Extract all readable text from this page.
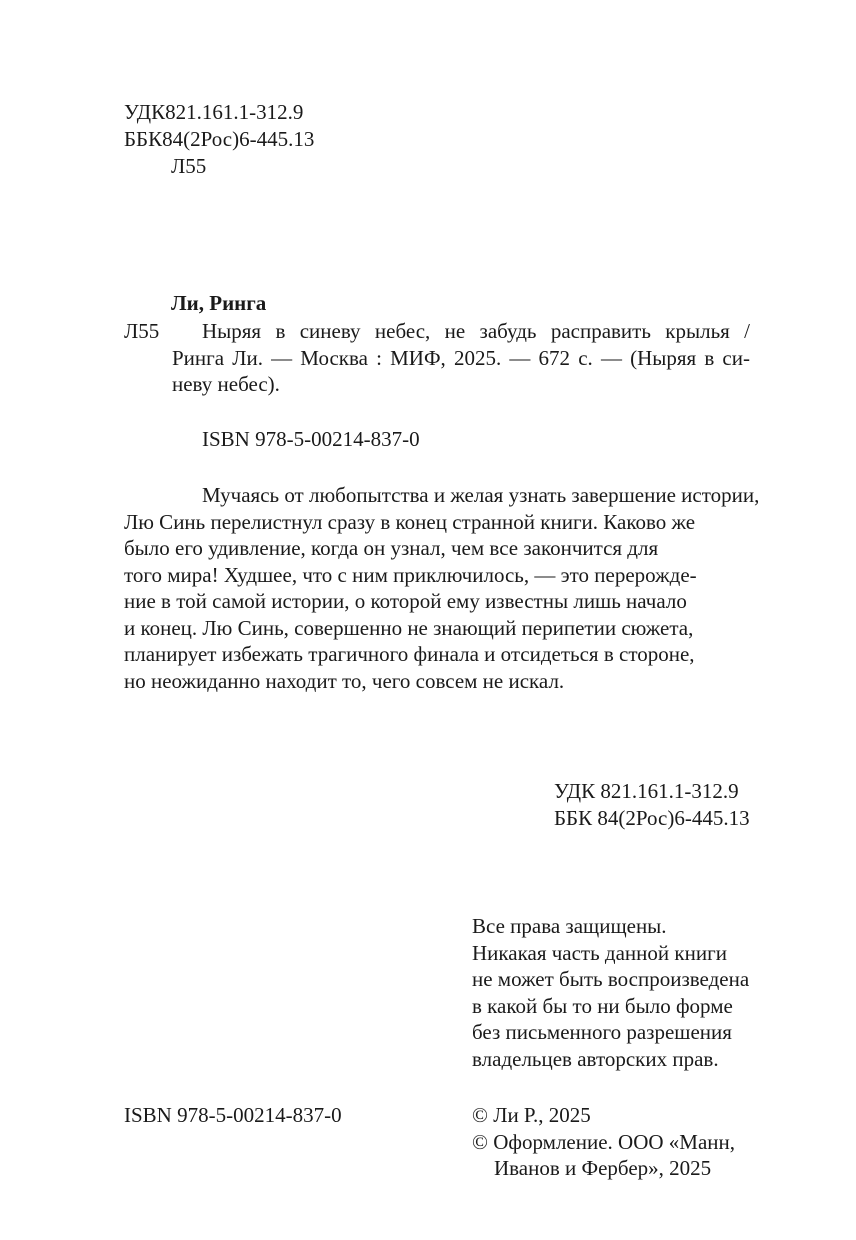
УДК821.161.1-312.9
ББК84(2Рос)6-445.13
Л55
Ли, Ринга
Л55 Ныряя в синеву небес, не забудь расправить крылья /
Ринга Ли. — Москва : МИФ, 2025. — 672 с. — (Ныряя в си-
неву небес).
ISBN 978-5-00214-837-0
Мучаясь от любопытства и желая узнать завершение истории,
Лю Синь перелистнул сразу в конец странной книги. Каково же
было его удивление, когда он узнал, чем все закончится для
того мира! Худшее, что с ним приключилось, — это перерожде-
ние в той самой истории, о которой ему известны лишь начало
и конец. Лю Синь, совершенно не знающий перипетии сюжета,
планирует избежать трагичного финала и отсидеться в стороне,
но неожиданно находит то, чего совсем не искал.
УДК 821.161.1-312.9
ББК 84(2Рос)6-445.13
Все права защищены.
Никакая часть данной книги
не может быть воспроизведена
в какой бы то ни было форме
без письменного разрешения
владельцев авторских прав.
ISBN 978-5-00214-837-0	© Ли Р., 2025
© Оформление. ООО «Манн,
Иванов и Фербер», 2025
